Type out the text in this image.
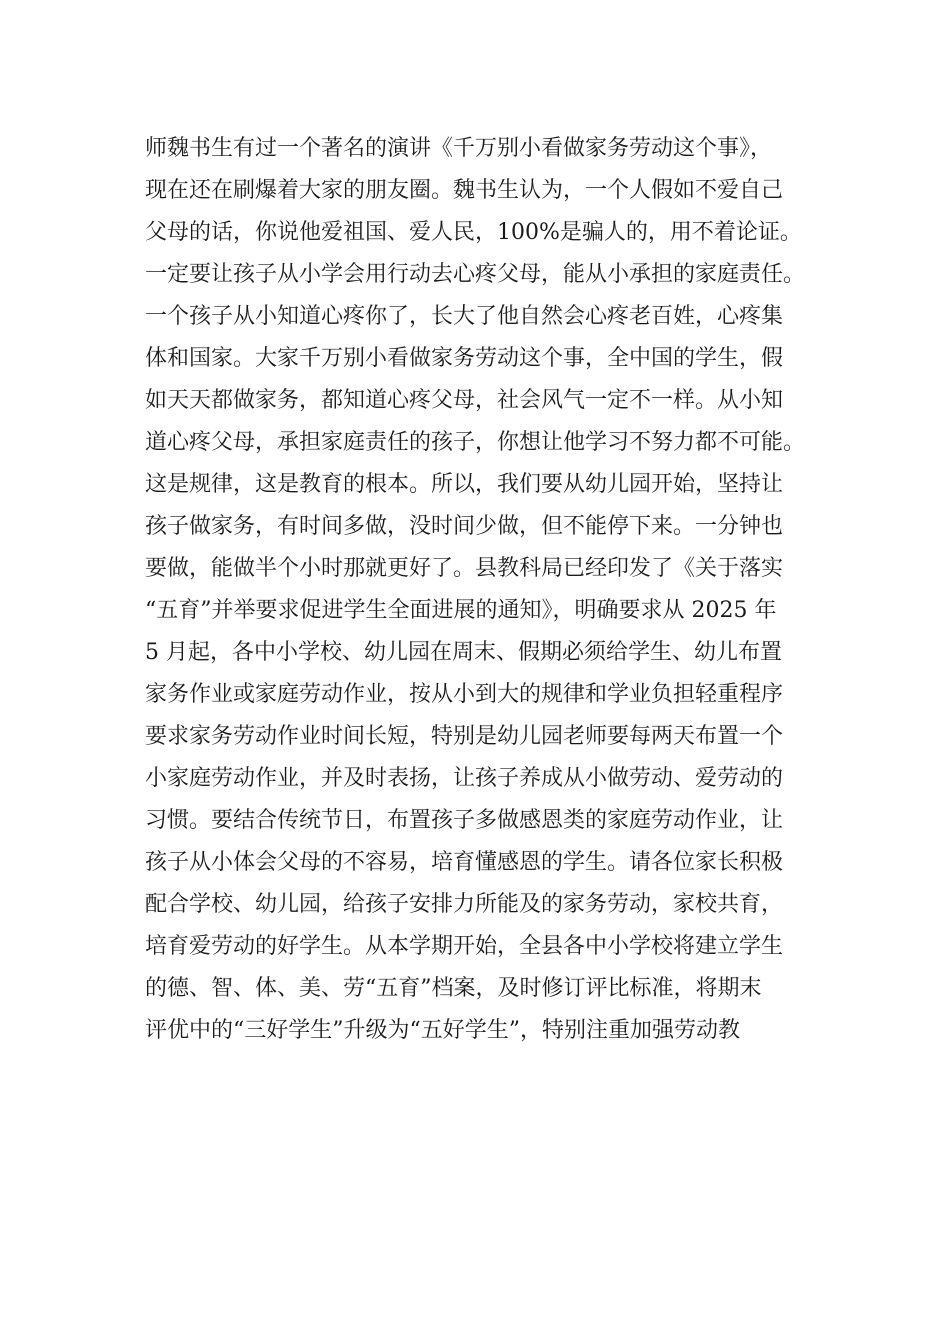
师魏书生有过一个著名的演讲《千万别小看做家务劳动这个事》，
现在还在刷爆着大家的朋友圈。魏书生认为，一个人假如不爱自己
父母的话，你说他爱祖国、爱人民，100%是骗人的，用不着论证。
一定要让孩子从小学会用行动去心疼父母，能从小承担的家庭责任。
一个孩子从小知道心疼你了，长大了他自然会心疼老百姓，心疼集
体和国家。大家千万别小看做家务劳动这个事，全中国的学生，假
如天天都做家务，都知道心疼父母，社会风气一定不一样。从小知
道心疼父母，承担家庭责任的孩子，你想让他学习不努力都不可能。
这是规律，这是教育的根本。所以，我们要从幼儿园开始，坚持让
孩子做家务，有时间多做，没时间少做，但不能停下来。一分钟也
要做，能做半个小时那就更好了。县教科局已经印发了《关于落实
“五育”并举要求促进学生全面进展的通知》，明确要求从 2025 年
5 月起，各中小学校、幼儿园在周末、假期必须给学生、幼儿布置
家务作业或家庭劳动作业，按从小到大的规律和学业负担轻重程序
要求家务劳动作业时间长短，特别是幼儿园老师要每两天布置一个
小家庭劳动作业，并及时表扬，让孩子养成从小做劳动、爱劳动的
习惯。要结合传统节日，布置孩子多做感恩类的家庭劳动作业，让
孩子从小体会父母的不容易，培育懂感恩的学生。请各位家长积极
配合学校、幼儿园，给孩子安排力所能及的家务劳动，家校共育，
培育爱劳动的好学生。从本学期开始，全县各中小学校将建立学生
的德、智、体、美、劳“五育”档案，及时修订评比标准，将期末
评优中的“三好学生”升级为“五好学生”，特别注重加强劳动教
